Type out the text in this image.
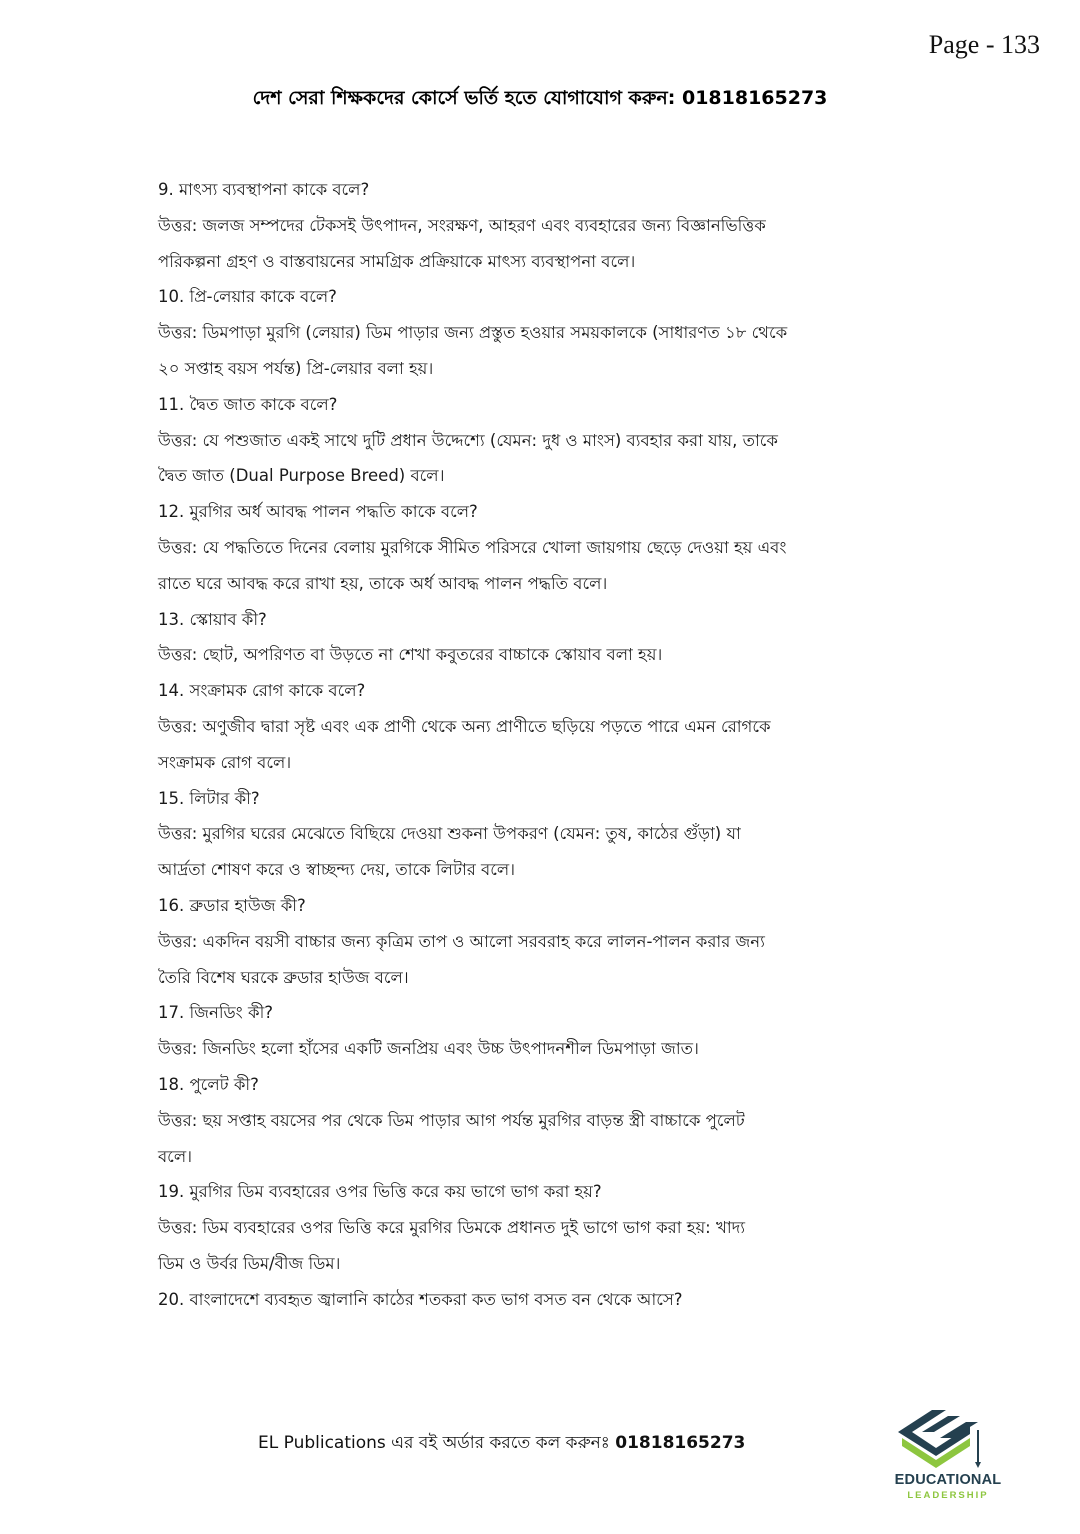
Page - 133
দেশ সেরা শিক্ষকদের কোর্সে ভর্তি হতে যোগাযোগ করুন: 01818165273
9. মাৎস্য ব্যবস্থাপনা কাকে বলে?
উত্তর: জলজ সম্পদের টেকসই উৎপাদন, সংরক্ষণ, আহরণ এবং ব্যবহারের জন্য বিজ্ঞানভিত্তিক
পরিকল্পনা গ্রহণ ও বাস্তবায়নের সামগ্রিক প্রক্রিয়াকে মাৎস্য ব্যবস্থাপনা বলে।
10. প্রি-লেয়ার কাকে বলে?
উত্তর: ডিমপাড়া মুরগি (লেয়ার) ডিম পাড়ার জন্য প্রস্তুত হওয়ার সময়কালকে (সাধারণত ১৮ থেকে
২০ সপ্তাহ বয়স পর্যন্ত) প্রি-লেয়ার বলা হয়।
11. দ্বৈত জাত কাকে বলে?
উত্তর: যে পশুজাত একই সাথে দুটি প্রধান উদ্দেশ্যে (যেমন: দুধ ও মাংস) ব্যবহার করা যায়, তাকে
দ্বৈত জাত (Dual Purpose Breed) বলে।
12. মুরগির অর্ধ আবদ্ধ পালন পদ্ধতি কাকে বলে?
উত্তর: যে পদ্ধতিতে দিনের বেলায় মুরগিকে সীমিত পরিসরে খোলা জায়গায় ছেড়ে দেওয়া হয় এবং
রাতে ঘরে আবদ্ধ করে রাখা হয়, তাকে অর্ধ আবদ্ধ পালন পদ্ধতি বলে।
13. স্কোয়াব কী?
উত্তর: ছোট, অপরিণত বা উড়তে না শেখা কবুতরের বাচ্চাকে স্কোয়াব বলা হয়।
14. সংক্রামক রোগ কাকে বলে?
উত্তর: অণুজীব দ্বারা সৃষ্ট এবং এক প্রাণী থেকে অন্য প্রাণীতে ছড়িয়ে পড়তে পারে এমন রোগকে
সংক্রামক রোগ বলে।
15. লিটার কী?
উত্তর: মুরগির ঘরের মেঝেতে বিছিয়ে দেওয়া শুকনা উপকরণ (যেমন: তুষ, কাঠের গুঁড়া) যা
আর্দ্রতা শোষণ করে ও স্বাচ্ছন্দ্য দেয়, তাকে লিটার বলে।
16. ব্রুডার হাউজ কী?
উত্তর: একদিন বয়সী বাচ্চার জন্য কৃত্রিম তাপ ও আলো সরবরাহ করে লালন-পালন করার জন্য
তৈরি বিশেষ ঘরকে ব্রুডার হাউজ বলে।
17. জিনডিং কী?
উত্তর: জিনডিং হলো হাঁসের একটি জনপ্রিয় এবং উচ্চ উৎপাদনশীল ডিমপাড়া জাত।
18. পুলেট কী?
উত্তর: ছয় সপ্তাহ বয়সের পর থেকে ডিম পাড়ার আগ পর্যন্ত মুরগির বাড়ন্ত স্ত্রী বাচ্চাকে পুলেট
বলে।
19. মুরগির ডিম ব্যবহারের ওপর ভিত্তি করে কয় ভাগে ভাগ করা হয়?
উত্তর: ডিম ব্যবহারের ওপর ভিত্তি করে মুরগির ডিমকে প্রধানত দুই ভাগে ভাগ করা হয়: খাদ্য
ডিম ও উর্বর ডিম/বীজ ডিম।
20. বাংলাদেশে ব্যবহৃত জ্বালানি কাঠের শতকরা কত ভাগ বসত বন থেকে আসে?
EL Publications এর বই অর্ডার করতে কল করুনঃ 01818165273
EDUCATIONAL
LEADERSHIP
